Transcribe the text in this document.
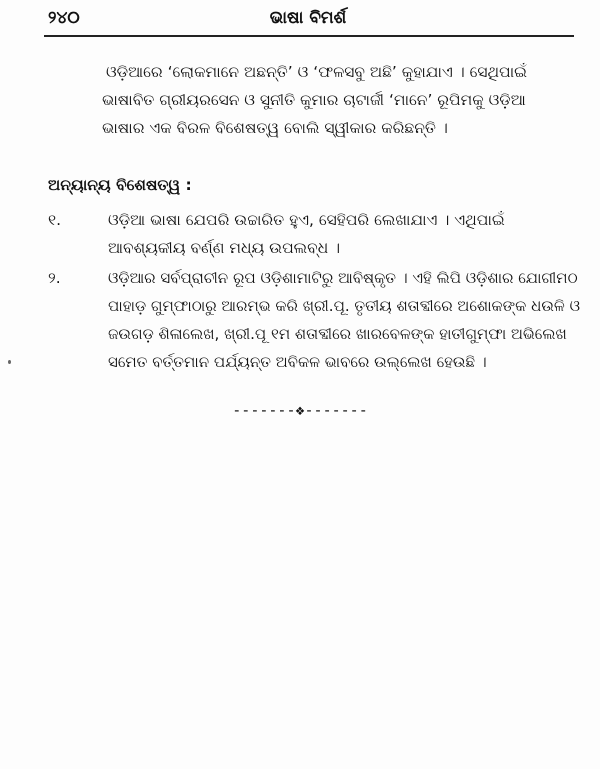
୨୪୦	ଭାଷା ବିମର୍ଶ
ଓଡ଼ିଆରେ ‘ଲୋକମାନେ ଅଛନ୍ତି’ ଓ ‘ଫଳସବୁ ଅଛି’ କୁହାଯାଏ । ସେଥିପାଇଁ
ଭାଷାବିତ ଗ୍ରୀୟରସେନ ଓ ସୁନୀତି କୁମାର ଚାଟାର୍ଜୀ ‘ମାନେ’ ରୂପିମକୁ ଓଡ଼ିଆ
ଭାଷାର ଏକ ବିରଳ ବିଶେଷତ୍ୱ ବୋଲି ସ୍ୱୀକାର କରିଛନ୍ତି ।
ଅନ୍ୟାନ୍ୟ ବିଶେଷତ୍ୱ :
୧.	ଓଡ଼ିଆ ଭାଷା ଯେପରି ଉଚ୍ଚାରିତ ହୁଏ, ସେହିପରି ଲେଖାଯାଏ । ଏଥିପାଇଁ
ଆବଶ୍ୟକୀୟ ବର୍ଣ୍ଣ ମଧ୍ୟ ଉପଲବ୍ଧ ।
୨.	ଓଡ଼ିଆର ସର୍ବପ୍ରାଚୀନ ରୂପ ଓଡ଼ିଶାମାଟିରୁ ଆବିଷ୍କୃତ । ଏହି ଲିପି ଓଡ଼ିଶାର ଯୋଗୀମଠ
ପାହାଡ଼ ଗୁମ୍ଫାଠାରୁ ଆରମ୍ଭ କରି ଖ୍ରୀ.ପୂ. ତୃତୀୟ ଶତାବ୍ଦୀରେ ଅଶୋକଙ୍କ ଧଉଳି ଓ
ଜଉଗଡ଼ ଶିଳାଲେଖ, ଖ୍ରୀ.ପୂ ୧ମ ଶତାବ୍ଦୀରେ ଖାରବେଳଙ୍କ ହାତୀଗୁମ୍ଫା ଅଭିଲେଖ
ସମେତ ବର୍ତ୍ତମାନ ପର୍ଯ୍ୟନ୍ତ ଅବିକଳ ଭାବରେ ଉଲ୍ଲେଖ ହେଉଛି ।
-------❖-------
